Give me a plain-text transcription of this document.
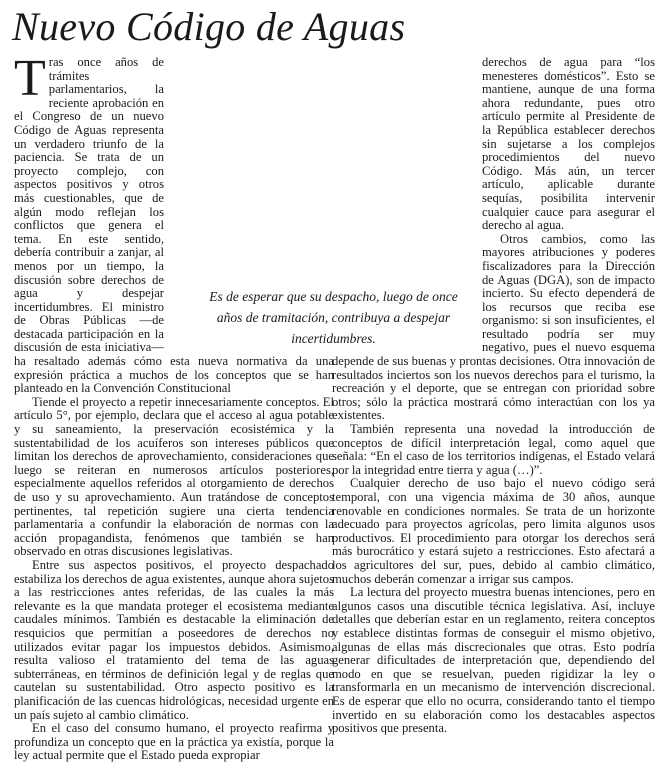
Nuevo Código de Aguas

Tras once años de trámites parlamentarios, la reciente aprobación en el Congreso de un nuevo Código de Aguas representa un verdadero triunfo de la paciencia. Se trata de un proyecto complejo, con aspectos positivos y otros más cuestionables, que de algún modo reflejan los conflictos que genera el tema. En este sentido, debería contribuir a zanjar, al menos por un tiempo, la discusión sobre derechos de agua y despejar incertidumbres. El ministro de Obras Públicas —de destacada participación en la discusión de esta iniciativa— ha resaltado además cómo esta nueva normativa da una expresión práctica a muchos de los conceptos que se han planteado en la Convención Constitucional

Tiende el proyecto a repetir innecesariamente conceptos. El artículo 5°, por ejemplo, declara que el acceso al agua potable y su saneamiento, la preservación ecosistémica y la sustentabilidad de los acuíferos son intereses públicos que limitan los derechos de aprovechamiento, consideraciones que luego se reiteran en numerosos artículos posteriores, especialmente aquellos referidos al otorgamiento de derechos de uso y su aprovechamiento. Aun tratándose de conceptos pertinentes, tal repetición sugiere una cierta tendencia parlamentaria a confundir la elaboración de normas con la acción propagandista, fenómenos que también se han observado en otras discusiones legislativas.

Entre sus aspectos positivos, el proyecto despachado estabiliza los derechos de agua existentes, aunque ahora sujetos a las restricciones antes referidas, de las cuales la más relevante es la que mandata proteger el ecosistema mediante caudales mínimos. También es destacable la eliminación de resquicios que permitían a poseedores de derechos no utilizados evitar pagar los impuestos debidos. Asimismo, resulta valioso el tratamiento del tema de las aguas subterráneas, en términos de definición legal y de reglas que cautelan su sustentabilidad. Otro aspecto positivo es la planificación de las cuencas hidrológicas, necesidad urgente en un país sujeto al cambio climático.

En el caso del consumo humano, el proyecto reafirma y profundiza un concepto que en la práctica ya existía, porque la ley actual permite que el Estado pueda expropiar

derechos de agua para “los menesteres domésticos”. Esto se mantiene, aunque de una forma ahora redundante, pues otro artículo permite al Presidente de la República establecer derechos sin sujetarse a los complejos procedimientos del nuevo Código. Más aún, un tercer artículo, aplicable durante sequías, posibilita intervenir cualquier cauce para asegurar el derecho al agua.

Otros cambios, como las mayores atribuciones y poderes fiscalizadores para la Dirección de Aguas (DGA), son de impacto incierto. Su efecto dependerá de los recursos que reciba ese organismo: si son insuficientes, el resultado podría ser muy negativo, pues el nuevo esquema depende de sus buenas y prontas decisiones. Otra innovación de resultados inciertos son los nuevos derechos para el turismo, la recreación y el deporte, que se entregan con prioridad sobre otros; sólo la práctica mostrará cómo interactúan con los ya existentes.

También representa una novedad la introducción de conceptos de difícil interpretación legal, como aquel que señala: “En el caso de los territorios indígenas, el Estado velará por la integridad entre tierra y agua (…)”.

Cualquier derecho de uso bajo el nuevo código será temporal, con una vigencia máxima de 30 años, aunque renovable en condiciones normales. Se trata de un horizonte adecuado para proyectos agrícolas, pero limita algunos usos productivos. El procedimiento para otorgar los derechos será más burocrático y estará sujeto a restricciones. Esto afectará a los agricultores del sur, pues, debido al cambio climático, muchos deberán comenzar a irrigar sus campos.

La lectura del proyecto muestra buenas intenciones, pero en algunos casos una discutible técnica legislativa. Así, incluye detalles que deberían estar en un reglamento, reitera conceptos y establece distintas formas de conseguir el mismo objetivo, algunas de ellas más discrecionales que otras. Esto podría generar dificultades de interpretación que, dependiendo del modo en que se resuelvan, pueden rigidizar la ley o transformarla en un mecanismo de intervención discrecional. Es de esperar que ello no ocurra, considerando tanto el tiempo invertido en su elaboración como los destacables aspectos positivos que presenta.

Es de esperar que su despacho, luego de once años de tramitación, contribuya a despejar incertidumbres.
